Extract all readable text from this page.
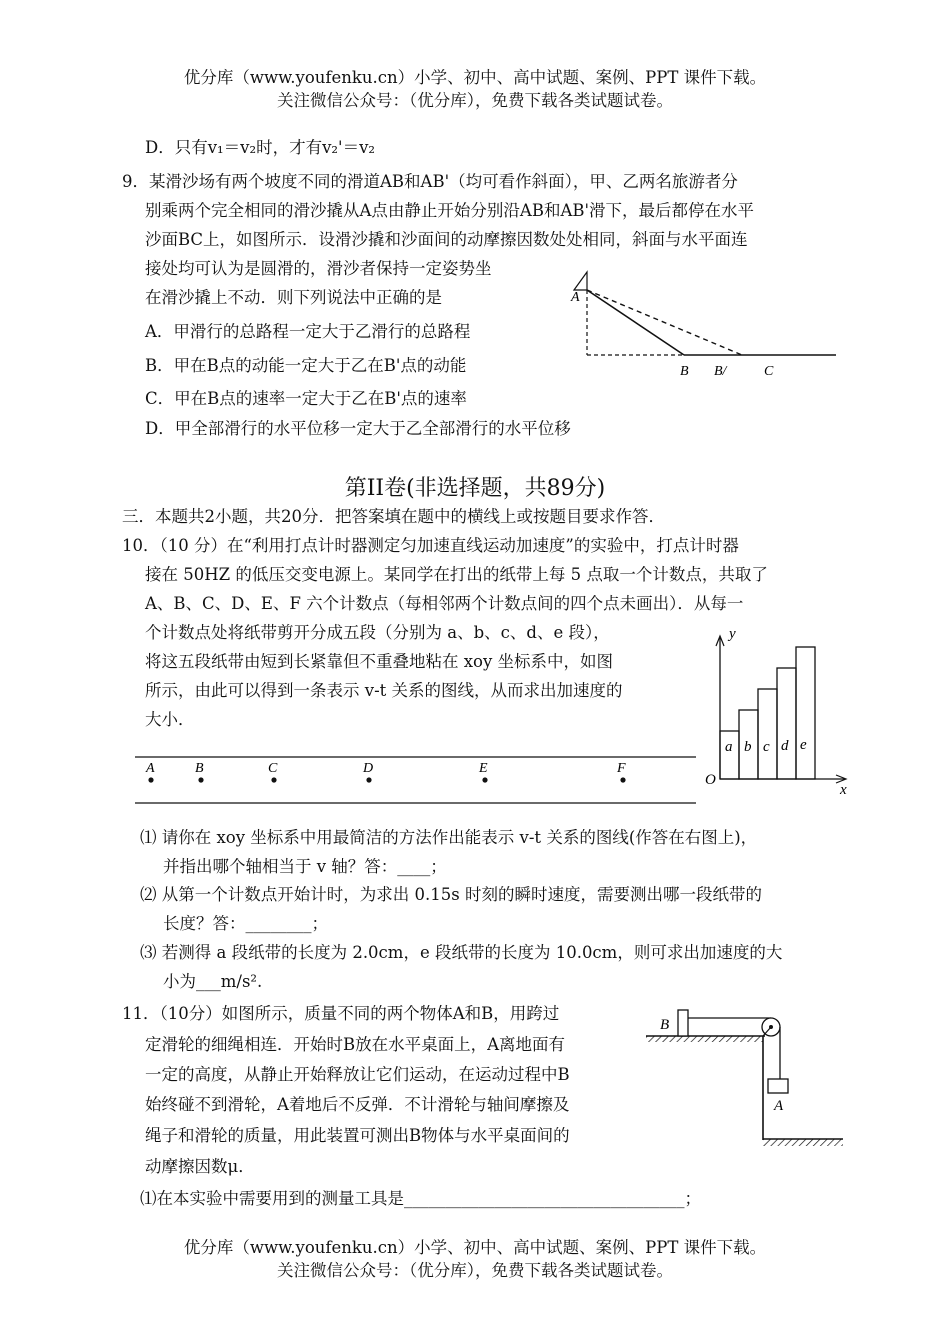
优分库（www.youfenku.cn）小学、初中、高中试题、案例、PPT 课件下载。
关注微信公众号：（优分库），免费下载各类试题试卷。
D．只有v₁＝v₂时，才有v₂'＝v₂
9．某滑沙场有两个坡度不同的滑道AB和AB'（均可看作斜面），甲、乙两名旅游者分
别乘两个完全相同的滑沙撬从A点由静止开始分别沿AB和AB'滑下，最后都停在水平
沙面BC上，如图所示．设滑沙撬和沙面间的动摩擦因数处处相同，斜面与水平面连
接处均可认为是圆滑的，滑沙者保持一定姿势坐
在滑沙撬上不动．则下列说法中正确的是
A．甲滑行的总路程一定大于乙滑行的总路程
B．甲在B点的动能一定大于乙在B'点的动能
C．甲在B点的速率一定大于乙在B'点的速率
D．甲全部滑行的水平位移一定大于乙全部滑行的水平位移
A
B B/	C
第II卷(非选择题，共89分)
三．本题共2小题，共20分．把答案填在题中的横线上或按题目要求作答．
10．（10 分）在“利用打点计时器测定匀加速直线运动加速度”的实验中，打点计时器
接在 50HZ 的低压交变电源上。某同学在打出的纸带上每 5 点取一个计数点，共取了
A、B、C、D、E、F 六个计数点（每相邻两个计数点间的四个点未画出）．从每一
个计数点处将纸带剪开分成五段（分别为 a、b、c、d、e 段），
将这五段纸带由短到长紧靠但不重叠地粘在 xoy 坐标系中，如图
所示，由此可以得到一条表示 v-t 关系的图线，从而求出加速度的
大小．
A	B	C	D	E	F
y
x
O
a b c d e
⑴ 请你在 xoy 坐标系中用最简洁的方法作出能表示 v-t 关系的图线(作答在右图上)，
并指出哪个轴相当于 v 轴？答：____；
⑵ 从第一个计数点开始计时，为求出 0.15s 时刻的瞬时速度，需要测出哪一段纸带的
长度？答：________；
⑶ 若测得 a 段纸带的长度为 2.0cm，e 段纸带的长度为 10.0cm，则可求出加速度的大
小为___m/s².
11．（10分）如图所示，质量不同的两个物体A和B，用跨过
定滑轮的细绳相连．开始时B放在水平桌面上，A离地面有
一定的高度，从静止开始释放让它们运动，在运动过程中B
始终碰不到滑轮，A着地后不反弹．不计滑轮与轴间摩擦及
绳子和滑轮的质量，用此装置可测出B物体与水平桌面间的
动摩擦因数μ．
⑴在本实验中需要用到的测量工具是__________________________________；
B
A
优分库（www.youfenku.cn）小学、初中、高中试题、案例、PPT 课件下载。
关注微信公众号：（优分库），免费下载各类试题试卷。
